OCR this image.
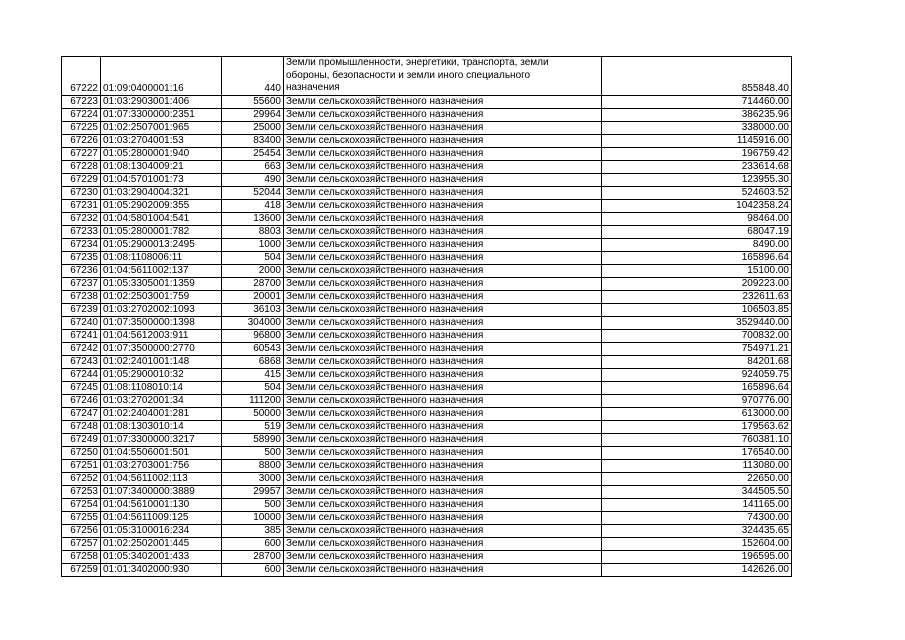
67222	01:09:0400001:16	440	Земли промышленности, энергетики, транспорта, земли
обороны, безопасности и земли иного специального
назначения	855848.40
67223	01:03:2903001:406	55600	Земли сельскохозяйственного назначения	714460.00
67224	01:07:3300000:2351	29964	Земли сельскохозяйственного назначения	386235.96
67225	01:02:2507001:965	25000	Земли сельскохозяйственного назначения	338000.00
67226	01:03:2704001:53	83400	Земли сельскохозяйственного назначения	1145916.00
67227	01:05:2800001:940	25454	Земли сельскохозяйственного назначения	196759.42
67228	01:08:1304009:21	663	Земли сельскохозяйственного назначения	233614.68
67229	01:04:5701001:73	490	Земли сельскохозяйственного назначения	123955.30
67230	01:03:2904004:321	52044	Земли сельскохозяйственного назначения	524603.52
67231	01:05:2902009:355	418	Земли сельскохозяйственного назначения	1042358.24
67232	01:04:5801004:541	13600	Земли сельскохозяйственного назначения	98464.00
67233	01:05:2800001:782	8803	Земли сельскохозяйственного назначения	68047.19
67234	01:05:2900013:2495	1000	Земли сельскохозяйственного назначения	8490.00
67235	01:08:1108006:11	504	Земли сельскохозяйственного назначения	165896.64
67236	01:04:5611002:137	2000	Земли сельскохозяйственного назначения	15100.00
67237	01:05:3305001:1359	28700	Земли сельскохозяйственного назначения	209223.00
67238	01:02:2503001:759	20001	Земли сельскохозяйственного назначения	232611.63
67239	01:03:2702002:1093	36103	Земли сельскохозяйственного назначения	106503.85
67240	01:07:3500000:1398	304000	Земли сельскохозяйственного назначения	3529440.00
67241	01:04:5612003:911	96800	Земли сельскохозяйственного назначения	700832.00
67242	01:07:3500000:2770	60543	Земли сельскохозяйственного назначения	754971.21
67243	01:02:2401001:148	6868	Земли сельскохозяйственного назначения	84201.68
67244	01:05:2900010:32	415	Земли сельскохозяйственного назначения	924059.75
67245	01:08:1108010:14	504	Земли сельскохозяйственного назначения	165896.64
67246	01:03:2702001:34	111200	Земли сельскохозяйственного назначения	970776.00
67247	01:02:2404001:281	50000	Земли сельскохозяйственного назначения	613000.00
67248	01:08:1303010:14	519	Земли сельскохозяйственного назначения	179563.62
67249	01:07:3300000:3217	58990	Земли сельскохозяйственного назначения	760381.10
67250	01:04:5506001:501	500	Земли сельскохозяйственного назначения	176540.00
67251	01:03:2703001:756	8800	Земли сельскохозяйственного назначения	113080.00
67252	01:04:5611002:113	3000	Земли сельскохозяйственного назначения	22650.00
67253	01:07:3400000:3889	29957	Земли сельскохозяйственного назначения	344505.50
67254	01:04:5610001:130	500	Земли сельскохозяйственного назначения	141165.00
67255	01:04:5611009:125	10000	Земли сельскохозяйственного назначения	74300.00
67256	01:05:3100016:234	385	Земли сельскохозяйственного назначения	324435.65
67257	01:02:2502001:445	600	Земли сельскохозяйственного назначения	152604.00
67258	01:05:3402001:433	28700	Земли сельскохозяйственного назначения	196595.00
67259	01:01:3402000:930	600	Земли сельскохозяйственного назначения	142626.00
